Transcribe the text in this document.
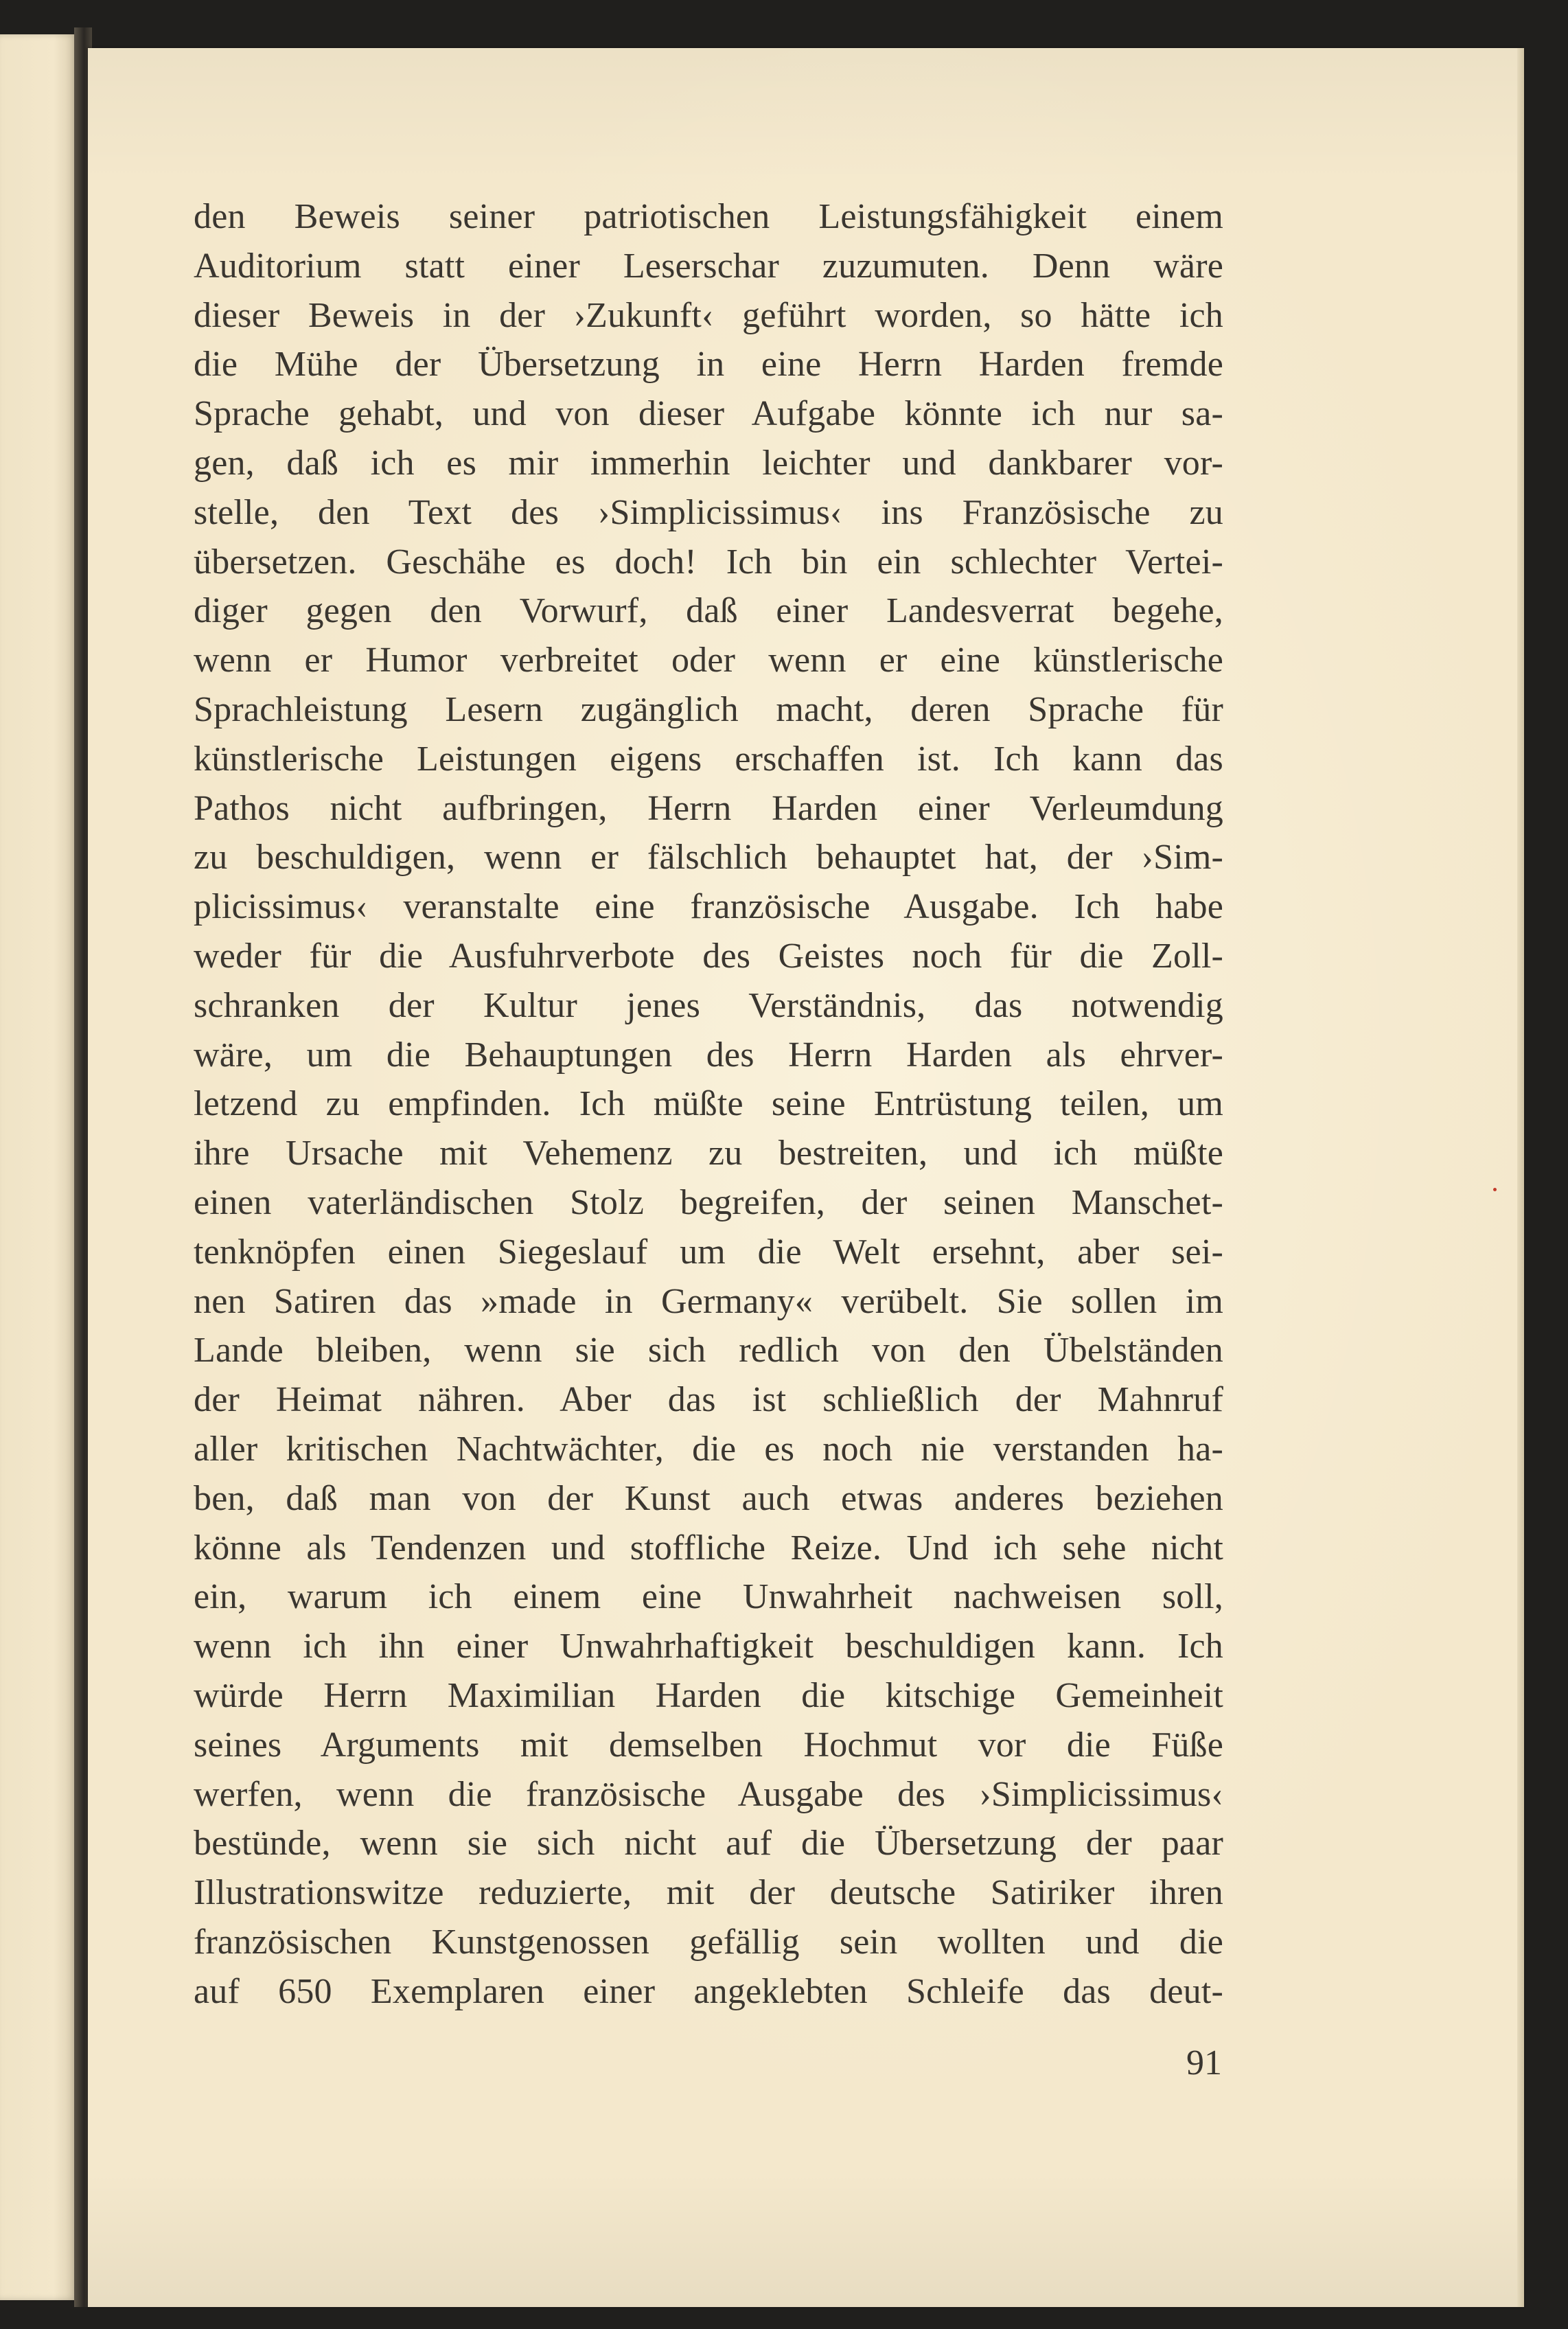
den Beweis seiner patriotischen Leistungsfähigkeit einem
Auditorium statt einer Leserschar zuzumuten. Denn wäre
dieser Beweis in der ›Zukunft‹ geführt worden, so hätte ich
die Mühe der Übersetzung in eine Herrn Harden fremde
Sprache gehabt, und von dieser Aufgabe könnte ich nur sa-
gen, daß ich es mir immerhin leichter und dankbarer vor-
stelle, den Text des ›Simplicissimus‹ ins Französische zu
übersetzen. Geschähe es doch! Ich bin ein schlechter Vertei-
diger gegen den Vorwurf, daß einer Landesverrat begehe,
wenn er Humor verbreitet oder wenn er eine künstlerische
Sprachleistung Lesern zugänglich macht, deren Sprache für
künstlerische Leistungen eigens erschaffen ist. Ich kann das
Pathos nicht aufbringen, Herrn Harden einer Verleumdung
zu beschuldigen, wenn er fälschlich behauptet hat, der ›Sim-
plicissimus‹ veranstalte eine französische Ausgabe. Ich habe
weder für die Ausfuhrverbote des Geistes noch für die Zoll-
schranken der Kultur jenes Verständnis, das notwendig
wäre, um die Behauptungen des Herrn Harden als ehrver-
letzend zu empfinden. Ich müßte seine Entrüstung teilen, um
ihre Ursache mit Vehemenz zu bestreiten, und ich müßte
einen vaterländischen Stolz begreifen, der seinen Manschet-
tenknöpfen einen Siegeslauf um die Welt ersehnt, aber sei-
nen Satiren das »made in Germany« verübelt. Sie sollen im
Lande bleiben, wenn sie sich redlich von den Übelständen
der Heimat nähren. Aber das ist schließlich der Mahnruf
aller kritischen Nachtwächter, die es noch nie verstanden ha-
ben, daß man von der Kunst auch etwas anderes beziehen
könne als Tendenzen und stoffliche Reize. Und ich sehe nicht
ein, warum ich einem eine Unwahrheit nachweisen soll,
wenn ich ihn einer Unwahrhaftigkeit beschuldigen kann. Ich
würde Herrn Maximilian Harden die kitschige Gemeinheit
seines Arguments mit demselben Hochmut vor die Füße
werfen, wenn die französische Ausgabe des ›Simplicissimus‹
bestünde, wenn sie sich nicht auf die Übersetzung der paar
Illustrationswitze reduzierte, mit der deutsche Satiriker ihren
französischen Kunstgenossen gefällig sein wollten und die
auf 650 Exemplaren einer angeklebten Schleife das deut-
91
